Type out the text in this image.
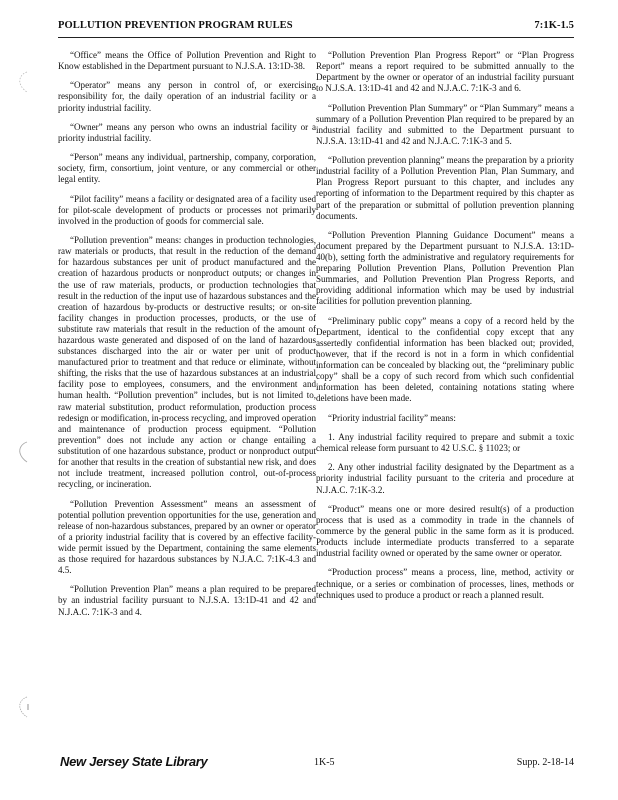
POLLUTION PREVENTION PROGRAM RULES	7:1K-1.5

“Office” means the Office of Pollution Prevention and Right to Know established in the Department pursuant to N.J.S.A. 13:1D-38.

“Operator” means any person in control of, or exercising responsibility for, the daily operation of an industrial facility or a priority industrial facility.

“Owner” means any person who owns an industrial facility or a priority industrial facility.

“Person” means any individual, partnership, company, corporation, society, firm, consortium, joint venture, or any commercial or other legal entity.

“Pilot facility” means a facility or designated area of a facility used for pilot-scale development of products or processes not primarily involved in the production of goods for commercial sale.

“Pollution prevention” means: changes in production technologies, raw materials or products, that result in the reduction of the demand for hazardous substances per unit of product manufactured and the creation of hazardous products or nonproduct outputs; or changes in the use of raw materials, products, or production technologies that result in the reduction of the input use of hazardous substances and the creation of hazardous by-products or destructive results; or on-site facility changes in production processes, products, or the use of substitute raw materials that result in the reduction of the amount of hazardous waste generated and disposed of on the land of hazardous substances discharged into the air or water per unit of product manufactured prior to treatment and that reduce or eliminate, without shifting, the risks that the use of hazardous substances at an industrial facility pose to employees, consumers, and the environment and human health. “Pollution prevention” includes, but is not limited to, raw material substitution, product reformulation, production process redesign or modification, in-process recycling, and improved operation and maintenance of production process equipment. “Pollution prevention” does not include any action or change entailing a substitution of one hazardous substance, product or nonproduct output for another that results in the creation of substantial new risk, and does not include treatment, increased pollution control, out-of-process recycling, or incineration.

“Pollution Prevention Assessment” means an assessment of potential pollution prevention opportunities for the use, generation and release of non-hazardous substances, prepared by an owner or operator of a priority industrial facility that is covered by an effective facility-wide permit issued by the Department, containing the same elements as those required for hazardous substances by N.J.A.C. 7:1K-4.3 and 4.5.

“Pollution Prevention Plan” means a plan required to be prepared by an industrial facility pursuant to N.J.S.A. 13:1D-41 and 42 and N.J.A.C. 7:1K-3 and 4.

“Pollution Prevention Plan Progress Report” or “Plan Progress Report” means a report required to be submitted annually to the Department by the owner or operator of an industrial facility pursuant to N.J.S.A. 13:1D-41 and 42 and N.J.A.C. 7:1K-3 and 6.

“Pollution Prevention Plan Summary” or “Plan Summary” means a summary of a Pollution Prevention Plan required to be prepared by an industrial facility and submitted to the Department pursuant to N.J.S.A. 13:1D-41 and 42 and N.J.A.C. 7:1K-3 and 5.

“Pollution prevention planning” means the preparation by a priority industrial facility of a Pollution Prevention Plan, Plan Summary, and Plan Progress Report pursuant to this chapter, and includes any reporting of information to the Department required by this chapter as part of the preparation or submittal of pollution prevention planning documents.

“Pollution Prevention Planning Guidance Document” means a document prepared by the Department pursuant to N.J.S.A. 13:1D-40(b), setting forth the administrative and regulatory requirements for preparing Pollution Prevention Plans, Pollution Prevention Plan Summaries, and Pollution Prevention Plan Progress Reports, and providing additional information which may be used by industrial facilities for pollution prevention planning.

“Preliminary public copy” means a copy of a record held by the Department, identical to the confidential copy except that any assertedly confidential information has been blacked out; provided, however, that if the record is not in a form in which confidential information can be concealed by blacking out, the “preliminary public copy” shall be a copy of such record from which such confidential information has been deleted, containing notations stating where deletions have been made.

“Priority industrial facility” means:

1. Any industrial facility required to prepare and submit a toxic chemical release form pursuant to 42 U.S.C. § 11023; or

2. Any other industrial facility designated by the Department as a priority industrial facility pursuant to the criteria and procedure at N.J.A.C. 7:1K-3.2.

“Product” means one or more desired result(s) of a production process that is used as a commodity in trade in the channels of commerce by the general public in the same form as it is produced. Products include intermediate products transferred to a separate industrial facility owned or operated by the same owner or operator.

“Production process” means a process, line, method, activity or technique, or a series or combination of processes, lines, methods or techniques used to produce a product or reach a planned result.

New Jersey State Library	1K-5	Supp. 2-18-14
